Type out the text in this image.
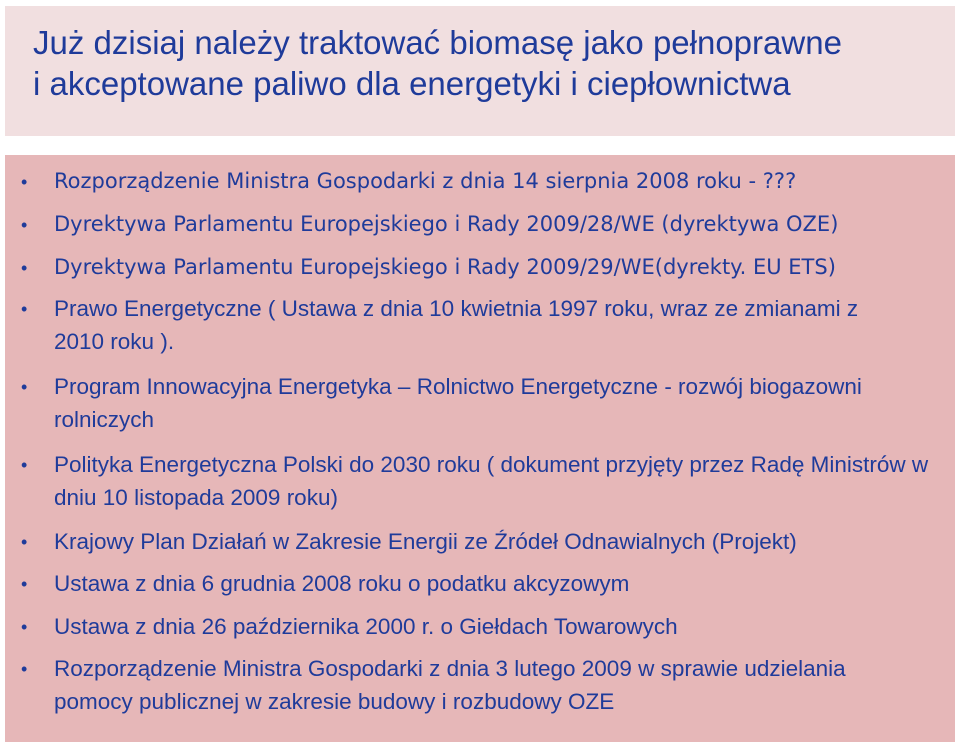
Już dzisiaj należy traktować biomasę jako pełnoprawne
i akceptowane paliwo dla energetyki i ciepłownictwa
• Rozporządzenie Ministra Gospodarki z dnia 14 sierpnia 2008 roku - ???
• Dyrektywa Parlamentu Europejskiego i Rady 2009/28/WE (dyrektywa OZE)
• Dyrektywa Parlamentu Europejskiego i Rady 2009/29/WE(dyrekty. EU ETS)
• Prawo Energetyczne ( Ustawa z dnia 10 kwietnia 1997 roku, wraz ze zmianami z 2010 roku ).
• Program Innowacyjna Energetyka – Rolnictwo Energetyczne - rozwój biogazowni rolniczych
• Polityka Energetyczna Polski do 2030 roku ( dokument przyjęty przez Radę Ministrów w dniu 10 listopada 2009 roku)
• Krajowy Plan Działań w Zakresie Energii ze Źródeł Odnawialnych (Projekt)
• Ustawa z dnia 6 grudnia 2008 roku o podatku akcyzowym
• Ustawa z dnia 26 października 2000 r. o Giełdach Towarowych
• Rozporządzenie Ministra Gospodarki z dnia 3 lutego 2009 w sprawie udzielania pomocy publicznej w zakresie budowy i rozbudowy OZE
